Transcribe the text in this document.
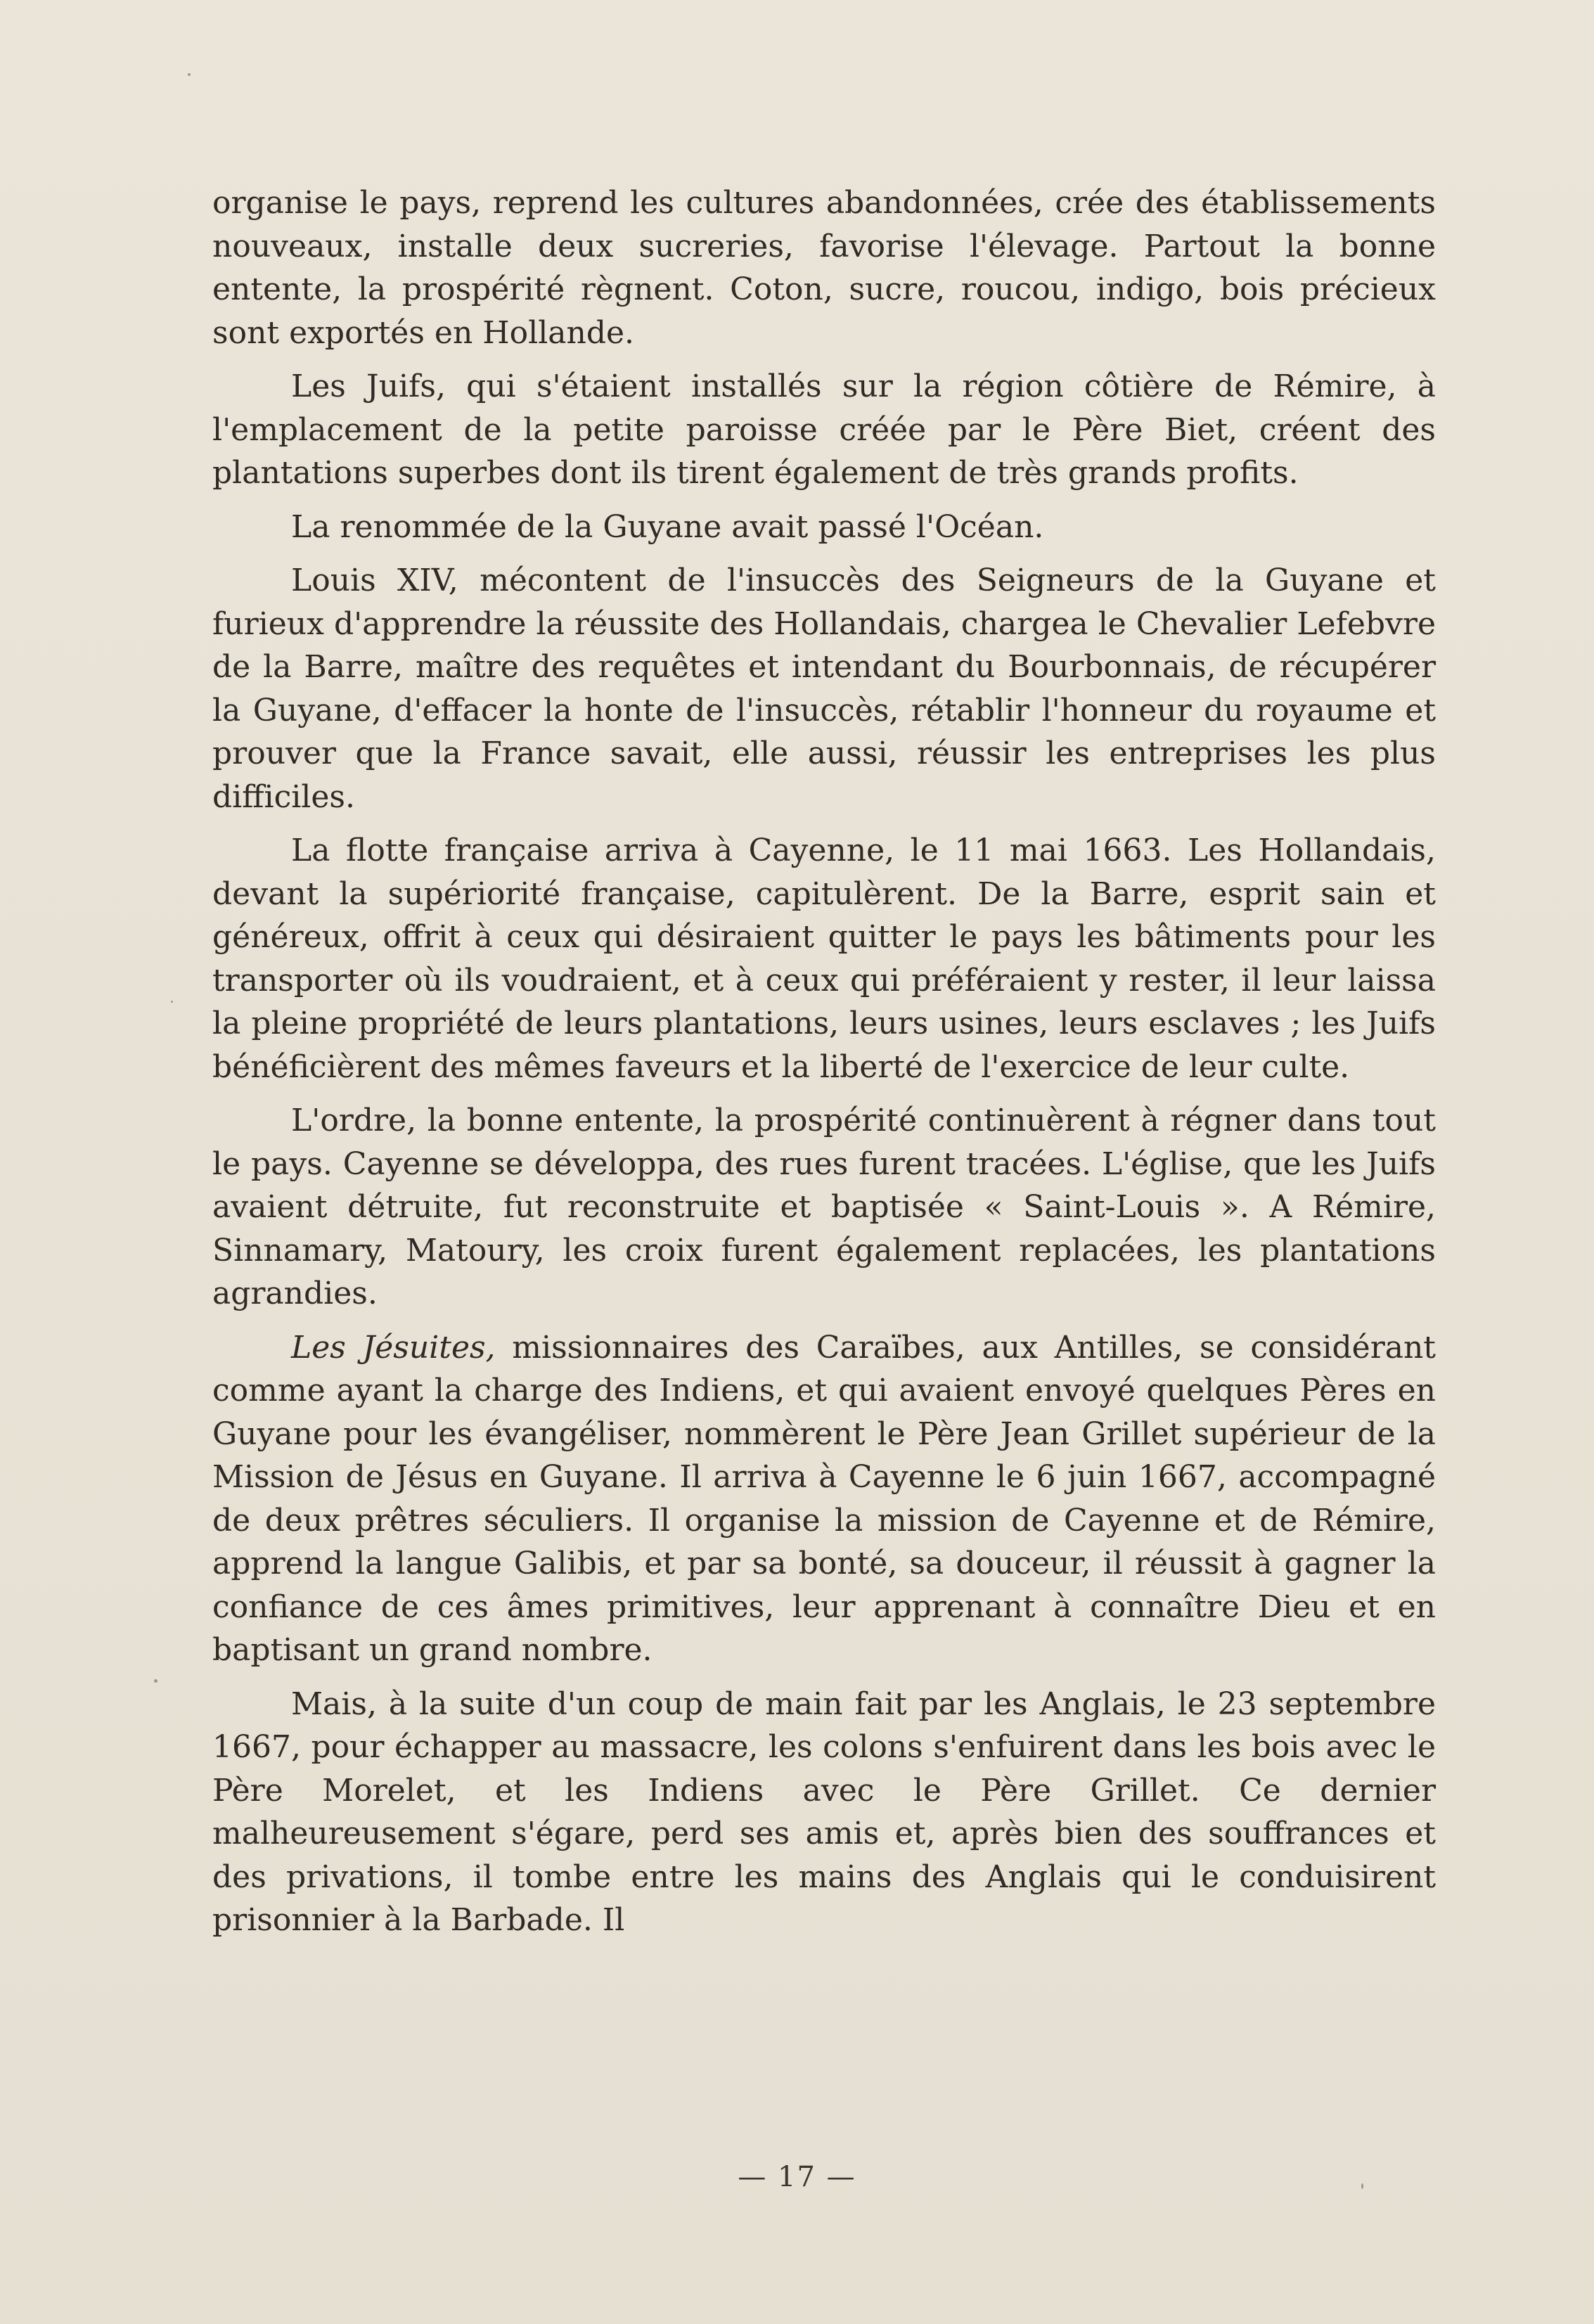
organise le pays, reprend les cultures abandonnées, crée des établissements nouveaux, installe deux sucreries, favorise l'élevage. Partout la bonne entente, la prospérité règnent. Coton, sucre, roucou, indigo, bois précieux sont exportés en Hollande.

Les Juifs, qui s'étaient installés sur la région côtière de Rémire, à l'emplacement de la petite paroisse créée par le Père Biet, créent des plantations superbes dont ils tirent également de très grands profits.

La renommée de la Guyane avait passé l'Océan.

Louis XIV, mécontent de l'insuccès des Seigneurs de la Guyane et furieux d'apprendre la réussite des Hollandais, chargea le Chevalier Lefebvre de la Barre, maître des requêtes et intendant du Bourbonnais, de récupérer la Guyane, d'effacer la honte de l'insuccès, rétablir l'honneur du royaume et prouver que la France savait, elle aussi, réussir les entreprises les plus difficiles.

La flotte française arriva à Cayenne, le 11 mai 1663. Les Hollandais, devant la supériorité française, capitulèrent. De la Barre, esprit sain et généreux, offrit à ceux qui désiraient quitter le pays les bâtiments pour les transporter où ils voudraient, et à ceux qui préféraient y rester, il leur laissa la pleine propriété de leurs plantations, leurs usines, leurs esclaves ; les Juifs bénéficièrent des mêmes faveurs et la liberté de l'exercice de leur culte.

L'ordre, la bonne entente, la prospérité continuèrent à régner dans tout le pays. Cayenne se développa, des rues furent tracées. L'église, que les Juifs avaient détruite, fut reconstruite et baptisée « Saint-Louis ». A Rémire, Sinnamary, Matoury, les croix furent également replacées, les plantations agrandies.

Les Jésuites, missionnaires des Caraïbes, aux Antilles, se considérant comme ayant la charge des Indiens, et qui avaient envoyé quelques Pères en Guyane pour les évangéliser, nommèrent le Père Jean Grillet supérieur de la Mission de Jésus en Guyane. Il arriva à Cayenne le 6 juin 1667, accompagné de deux prêtres séculiers. Il organise la mission de Cayenne et de Rémire, apprend la langue Galibis, et par sa bonté, sa douceur, il réussit à gagner la confiance de ces âmes primitives, leur apprenant à connaître Dieu et en baptisant un grand nombre.

Mais, à la suite d'un coup de main fait par les Anglais, le 23 septembre 1667, pour échapper au massacre, les colons s'enfuirent dans les bois avec le Père Morelet, et les Indiens avec le Père Grillet. Ce dernier malheureusement s'égare, perd ses amis et, après bien des souffrances et des privations, il tombe entre les mains des Anglais qui le conduisirent prisonnier à la Barbade. Il

— 17 —
